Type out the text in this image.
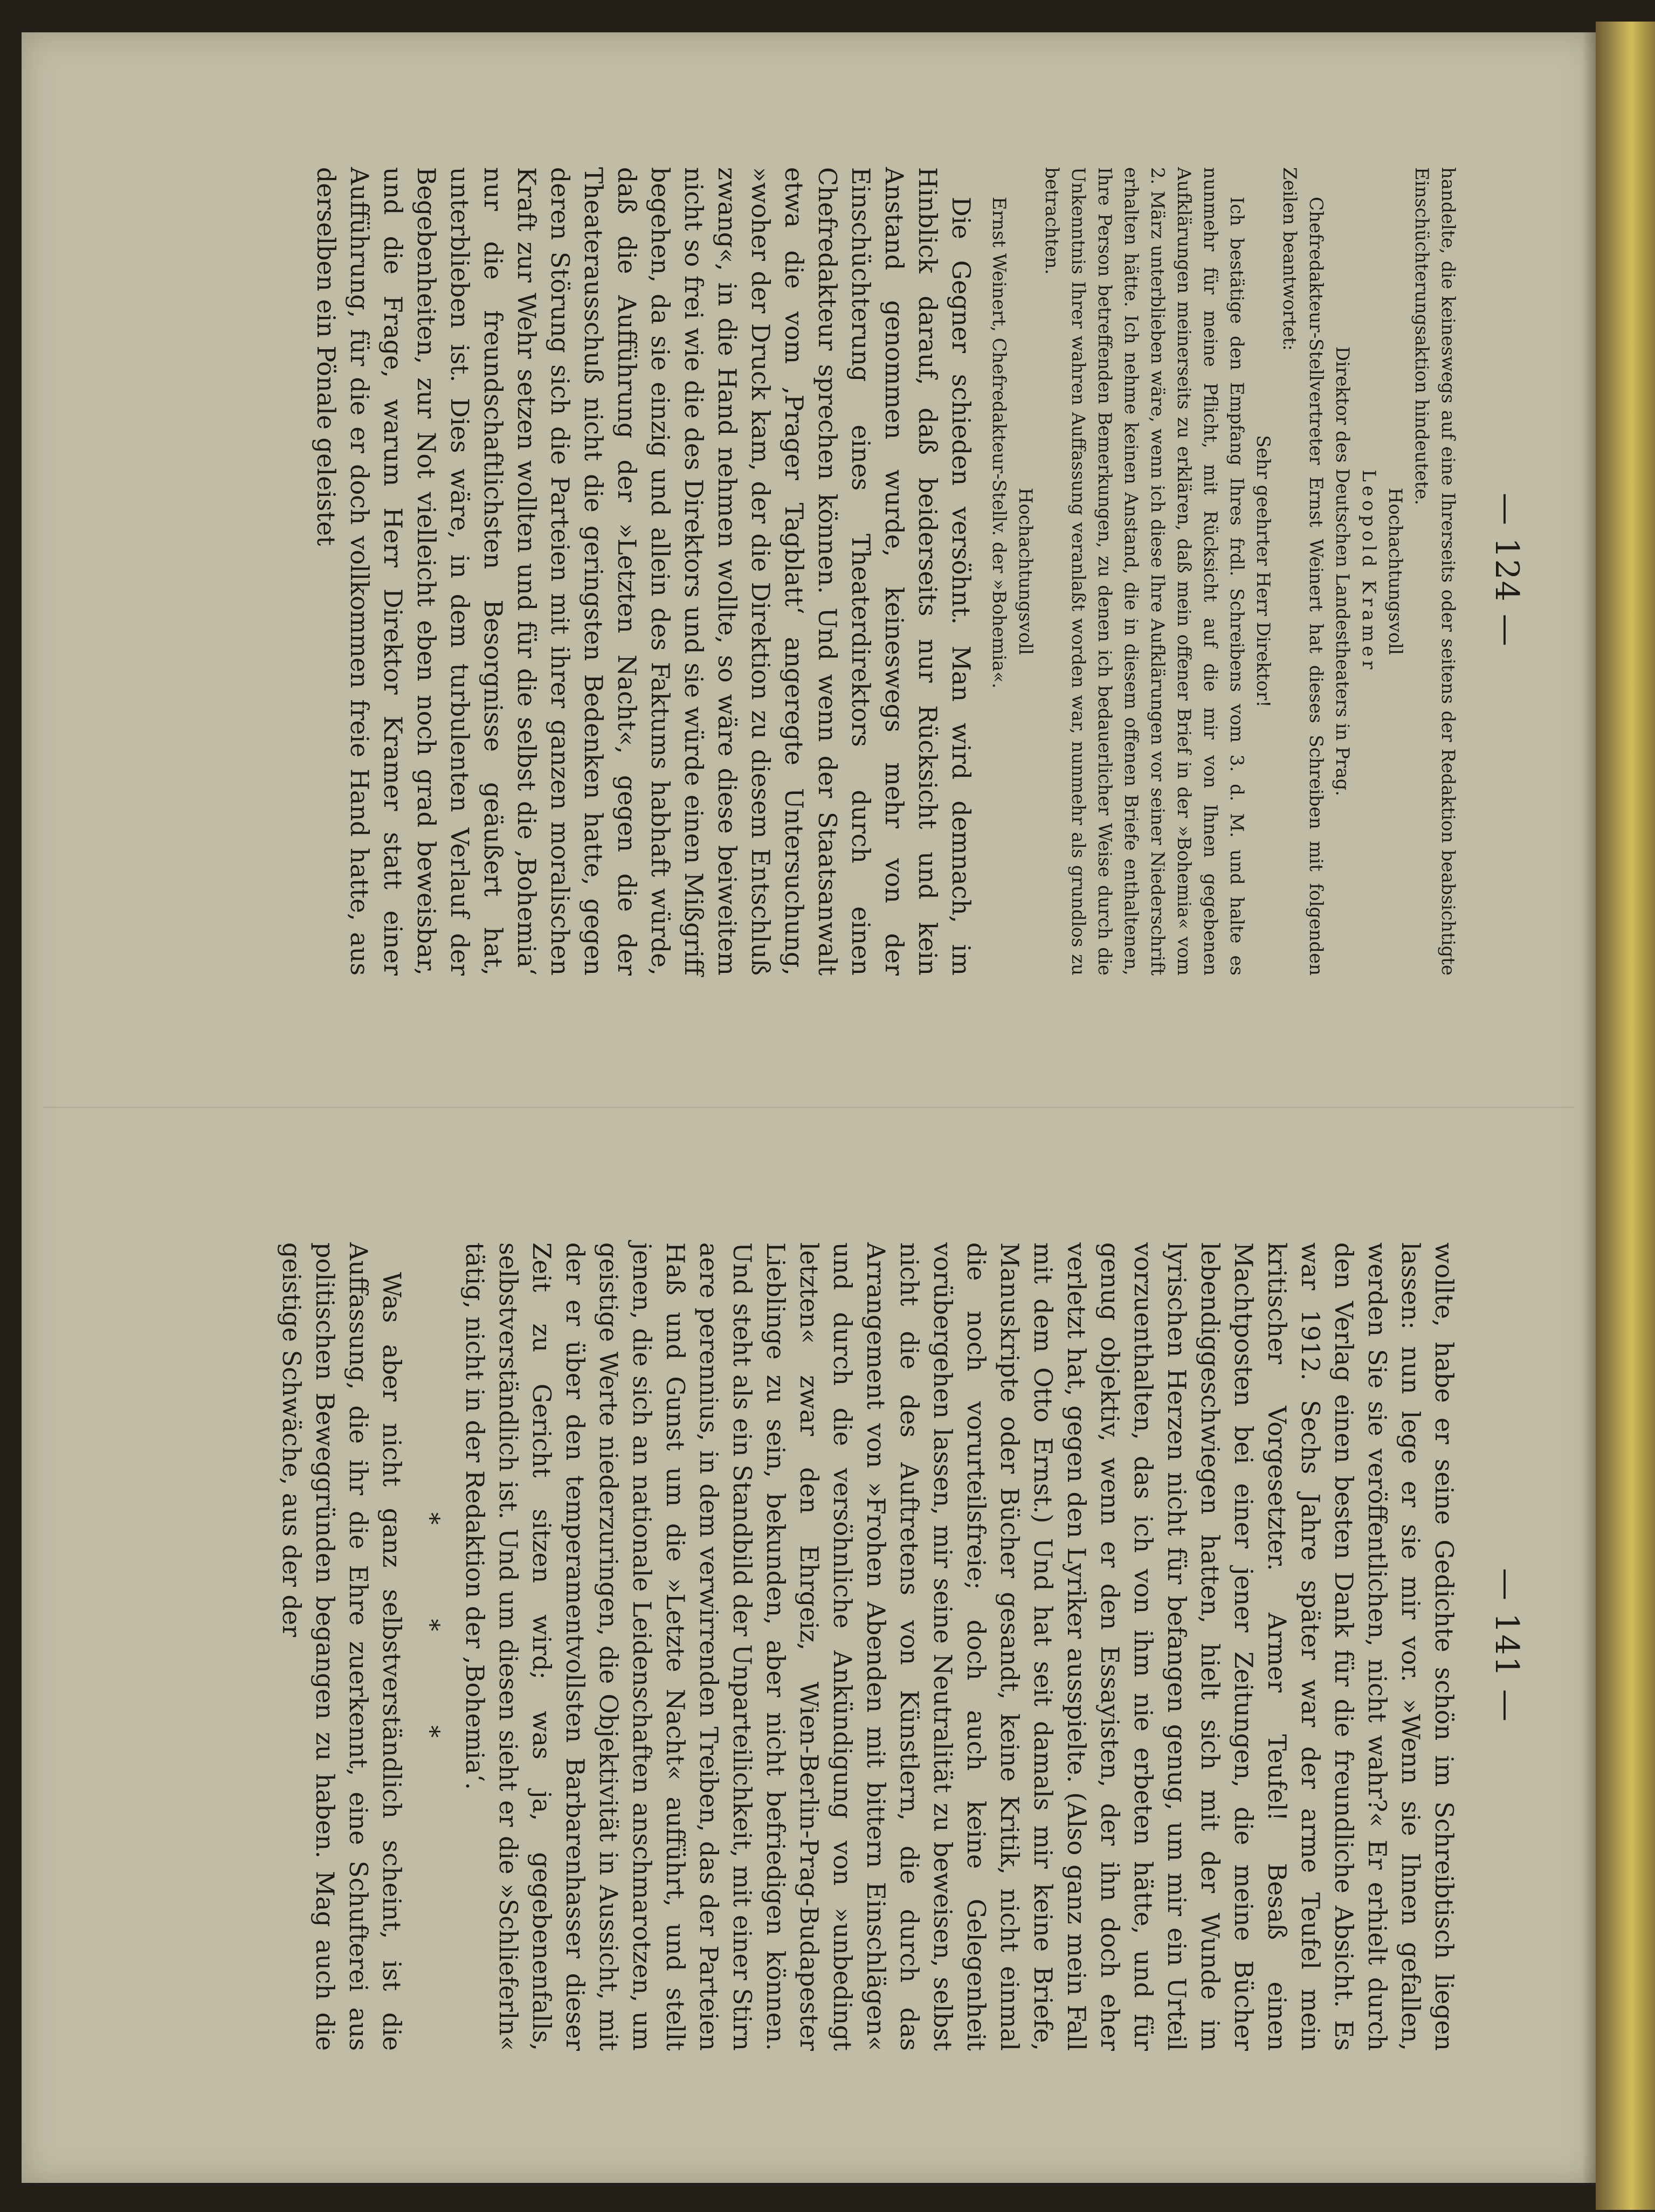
— 124 —

handelte, die keineswegs auf eine Ihrerseits oder seitens der Redaktion beabsichtigte Einschüchterungsaktion hindeutete.

Hochachtungsvoll

Leopold Kramer

Direktor des Deutschen Landestheaters in Prag.

Chefredakteur-Stellvertreter Ernst Weinert hat dieses Schreiben mit folgenden Zeilen beantwortet:

Sehr geehrter Herr Direktor!

Ich bestätige den Empfang Ihres frdl. Schreibens vom 3. d. M. und halte es nunmehr für meine Pflicht, mit Rücksicht auf die mir von Ihnen gegebenen Aufklärungen meinerseits zu erklären, daß mein offener Brief in der »Bohemia« vom 2. März unterblieben wäre, wenn ich diese Ihre Aufklärungen vor seiner Niederschrift erhalten hätte. Ich nehme keinen Anstand, die in diesem offenen Briefe enthaltenen, Ihre Person betreffenden Bemerkungen, zu denen ich bedauerlicher Weise durch die Unkenntnis Ihrer wahren Auffassung veranlaßt worden war, nunmehr als grundlos zu betrachten.

Hochachtungsvoll

Ernst Weinert, Chefredakteur-Stellv. der »Bohemia«.

Die Gegner schieden versöhnt. Man wird demnach, im Hinblick darauf, daß beiderseits nur Rücksicht und kein Anstand genommen wurde, keineswegs mehr von der Einschüchterung eines Theaterdirektors durch einen Chefredakteur sprechen können. Und wenn der Staatsanwalt etwa die vom ‚Prager Tagblatt‘ angeregte Untersuchung, »woher der Druck kam, der die Direktion zu diesem Entschluß zwang«, in die Hand nehmen wollte, so wäre diese beiweitem nicht so frei wie die des Direktors und sie würde einen Mißgriff begehen, da sie einzig und allein des Faktums habhaft würde, daß die Aufführung der »Letzten Nacht«, gegen die der Theaterausschuß nicht die geringsten Bedenken hatte, gegen deren Störung sich die Parteien mit ihrer ganzen moralischen Kraft zur Wehr setzen wollten und für die selbst die ‚Bohemia‘ nur die freundschaftlichsten Besorgnisse geäußert hat, unterblieben ist. Dies wäre, in dem turbulenten Verlauf der Begebenheiten, zur Not vielleicht eben noch grad beweisbar, und die Frage, warum Herr Direktor Kramer statt einer Aufführung, für die er doch vollkommen freie Hand hatte, aus derselben ein Pönale geleistet

— 141 —

wollte, habe er seine Gedichte schön im Schreibtisch liegen lassen: nun lege er sie mir vor. »Wenn sie Ihnen gefallen, werden Sie sie veröffentlichen, nicht wahr?« Er erhielt durch den Verlag einen besten Dank für die freundliche Absicht. Es war 1912. Sechs Jahre später war der arme Teufel mein kritischer Vorgesetzter. Armer Teufel! Besaß einen Machtposten bei einer jener Zeitungen, die meine Bücher lebendiggeschwiegen hatten, hielt sich mit der Wunde im lyrischen Herzen nicht für befangen genug, um mir ein Urteil vorzuenthalten, das ich von ihm nie erbeten hätte, und für genug objektiv, wenn er den Essayisten, der ihn doch eher verletzt hat, gegen den Lyriker ausspielte. (Also ganz mein Fall mit dem Otto Ernst.) Und hat seit damals mir keine Briefe, Manuskripte oder Bücher gesandt, keine Kritik, nicht einmal die noch vorurteilsfreie; doch auch keine Gelegenheit vorübergehen lassen, mir seine Neutralität zu beweisen, selbst nicht die des Auftretens von Künstlern, die durch das Arrangement von »Frohen Abenden mit bittern Einschlägen« und durch die versöhnliche Ankündigung von »unbedingt letzten« zwar den Ehrgeiz, Wien-Berlin-Prag-Budapester Lieblinge zu sein, bekunden, aber nicht befriedigen können. Und steht als ein Standbild der Unparteilichkeit, mit einer Stirn aere perennius, in dem verwirrenden Treiben, das der Parteien Haß und Gunst um die »Letzte Nacht« aufführt, und stellt jenen, die sich an nationale Leidenschaften anschmarotzen, um geistige Werte niederzuringen, die Objektivität in Aussicht, mit der er über den temperamentvollsten Barbarenhasser dieser Zeit zu Gericht sitzen wird; was ja, gegebenenfalls, selbstverständlich ist. Und um diesen sieht er die »Schlieferln« tätig, nicht in der Redaktion der ‚Bohemia‘.

* * *

Was aber nicht ganz selbstverständlich scheint, ist die Auffassung, die ihr die Ehre zuerkennt, eine Schufterei aus politischen Beweggründen begangen zu haben. Mag auch die geistige Schwäche, aus der der
